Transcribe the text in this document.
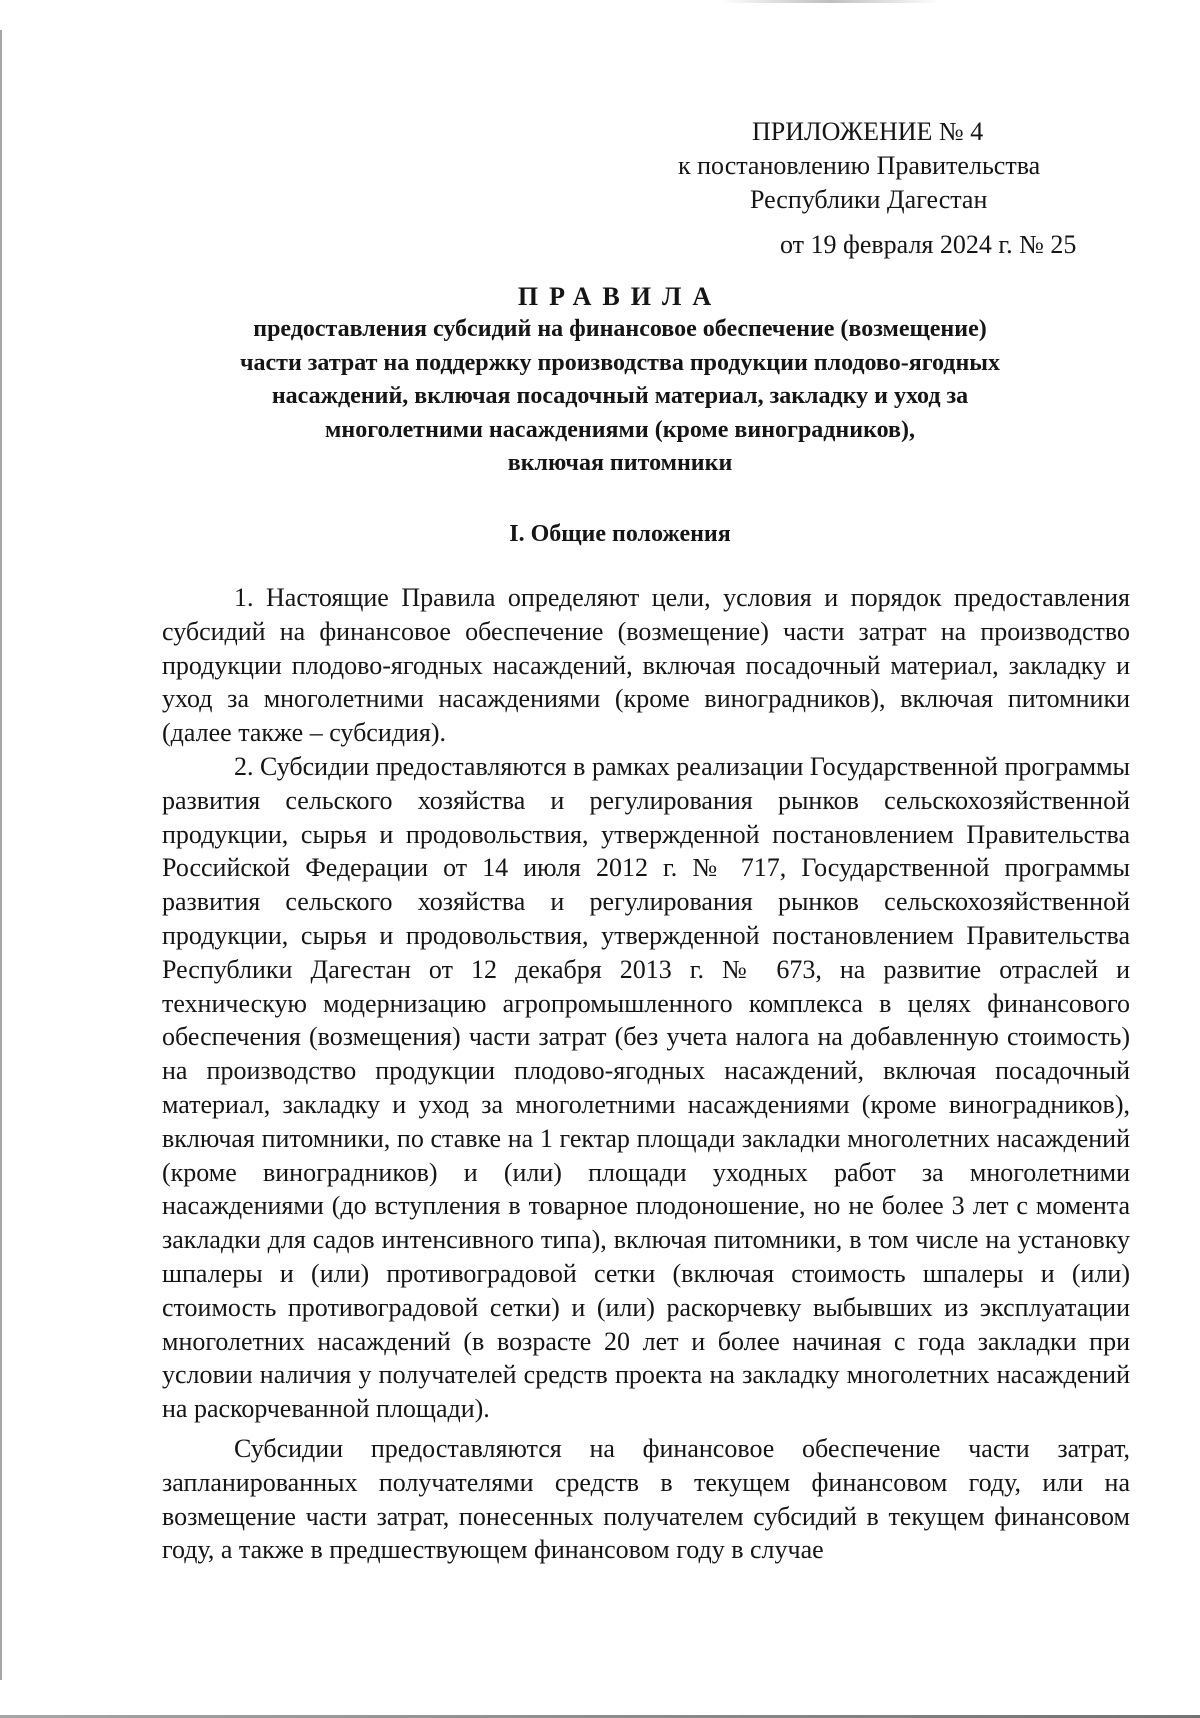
ПРИЛОЖЕНИЕ № 4
к постановлению Правительства
Республики Дагестан
от 19 февраля 2024 г. № 25
ПРАВИЛА
предоставления субсидий на финансовое обеспечение (возмещение)
части затрат на поддержку производства продукции плодово-ягодных
насаждений, включая посадочный материал, закладку и уход за
многолетними насаждениями (кроме виноградников),
включая питомники
I. Общие положения

1. Настоящие Правила определяют цели, условия и порядок предоставления субсидий на финансовое обеспечение (возмещение) части затрат на производство продукции плодово-ягодных насаждений, включая посадочный материал, закладку и уход за многолетними насаждениями (кроме виноградников), включая питомники (далее также – субсидия).

2. Субсидии предоставляются в рамках реализации Государственной программы развития сельского хозяйства и регулирования рынков сельскохозяйственной продукции, сырья и продовольствия, утвержденной постановлением Правительства Российской Федерации от 14 июля 2012 г. № 717, Государственной программы развития сельского хозяйства и регулирования рынков сельскохозяйственной продукции, сырья и продовольствия, утвержденной постановлением Правительства Республики Дагестан от 12 декабря 2013 г. № 673, на развитие отраслей и техническую модернизацию агропромышленного комплекса в целях финансового обеспечения (возмещения) части затрат (без учета налога на добавленную стоимость) на производство продукции плодово-ягодных насаждений, включая посадочный материал, закладку и уход за многолетними насаждениями (кроме виноградников), включая питомники, по ставке на 1 гектар площади закладки многолетних насаждений (кроме виноградников) и (или) площади уходных работ за многолетними насаждениями (до вступления в товарное плодоношение, но не более 3 лет с момента закладки для садов интенсивного типа), включая питомники, в том числе на установку шпалеры и (или) противоградовой сетки (включая стоимость шпалеры и (или) стоимость противоградовой сетки) и (или) раскорчевку выбывших из эксплуатации многолетних насаждений (в возрасте 20 лет и более начиная с года закладки при условии наличия у получателей средств проекта на закладку многолетних насаждений на раскорчеванной площади).

Субсидии предоставляются на финансовое обеспечение части затрат, запланированных получателями средств в текущем финансовом году, или на возмещение части затрат, понесенных получателем субсидий в текущем финансовом году, а также в предшествующем финансовом году в случае
